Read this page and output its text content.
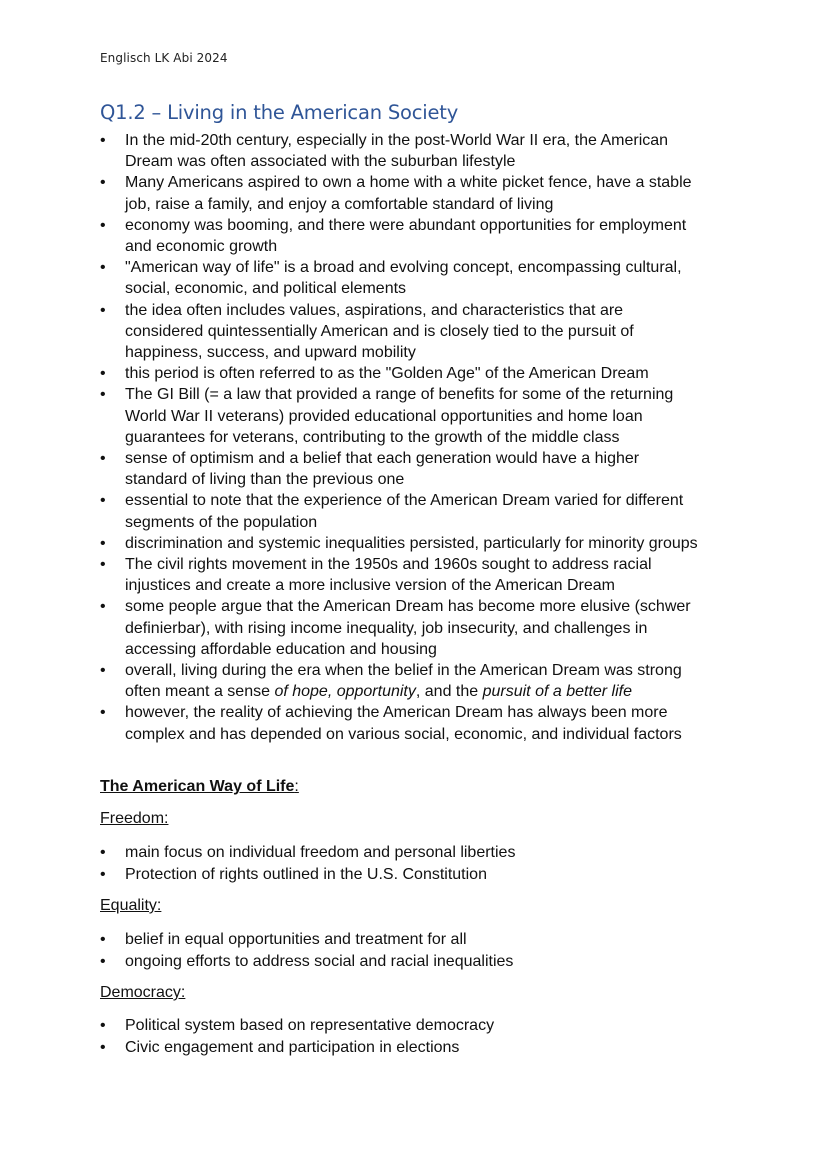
Englisch LK Abi 2024
Q1.2 – Living in the American Society
• In the mid-20th century, especially in the post-World War II era, the American
Dream was often associated with the suburban lifestyle
• Many Americans aspired to own a home with a white picket fence, have a stable
job, raise a family, and enjoy a comfortable standard of living
• economy was booming, and there were abundant opportunities for employment
and economic growth
• "American way of life" is a broad and evolving concept, encompassing cultural,
social, economic, and political elements
• the idea often includes values, aspirations, and characteristics that are
considered quintessentially American and is closely tied to the pursuit of
happiness, success, and upward mobility
• this period is often referred to as the "Golden Age" of the American Dream
• The GI Bill (= a law that provided a range of benefits for some of the returning
World War II veterans) provided educational opportunities and home loan
guarantees for veterans, contributing to the growth of the middle class
• sense of optimism and a belief that each generation would have a higher
standard of living than the previous one
• essential to note that the experience of the American Dream varied for different
segments of the population
• discrimination and systemic inequalities persisted, particularly for minority groups
• The civil rights movement in the 1950s and 1960s sought to address racial
injustices and create a more inclusive version of the American Dream
• some people argue that the American Dream has become more elusive (schwer
definierbar), with rising income inequality, job insecurity, and challenges in
accessing affordable education and housing
• overall, living during the era when the belief in the American Dream was strong
often meant a sense of hope, opportunity, and the pursuit of a better life
• however, the reality of achieving the American Dream has always been more
complex and has depended on various social, economic, and individual factors
The American Way of Life:
Freedom:
• main focus on individual freedom and personal liberties
• Protection of rights outlined in the U.S. Constitution
Equality:
• belief in equal opportunities and treatment for all
• ongoing efforts to address social and racial inequalities
Democracy:
• Political system based on representative democracy
• Civic engagement and participation in elections
